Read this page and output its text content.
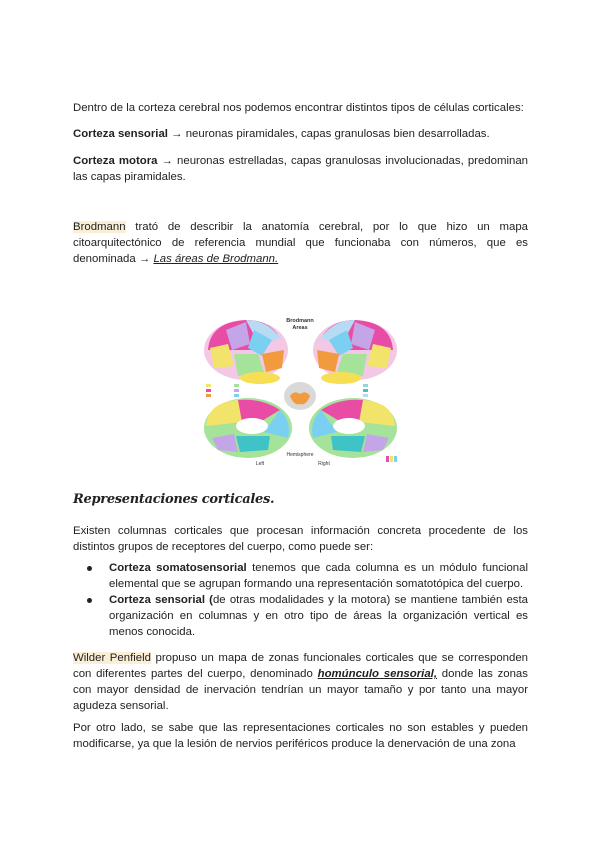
Dentro de la corteza cerebral nos podemos encontrar distintos tipos de células corticales:

Corteza sensorial → neuronas piramidales, capas granulosas bien desarrolladas.

Corteza motora → neuronas estrelladas, capas granulosas involucionadas, predominan las capas piramidales.

Brodmann trató de describir la anatomía cerebral, por lo que hizo un mapa citoarquitectónico de referencia mundial que funcionaba con números, que es denominada → Las áreas de Brodmann.

Brodmann
Areas
Hemisphere
Left	Right
Representaciones corticales.

Existen columnas corticales que procesan información concreta procedente de los distintos grupos de receptores del cuerpo, como puede ser:

Corteza somatosensorial tenemos que cada columna es un módulo funcional elemental que se agrupan formando una representación somatotópica del cuerpo.
Corteza sensorial (de otras modalidades y la motora) se mantiene también esta organización en columnas y en otro tipo de áreas la organización vertical es menos conocida.

Wilder Penfield propuso un mapa de zonas funcionales corticales que se corresponden con diferentes partes del cuerpo, denominado homúnculo sensorial, donde las zonas con mayor densidad de inervación tendrían un mayor tamaño y por tanto una mayor agudeza sensorial.

Por otro lado, se sabe que las representaciones corticales no son estables y pueden modificarse, ya que la lesión de nervios periféricos produce la denervación de una zona
